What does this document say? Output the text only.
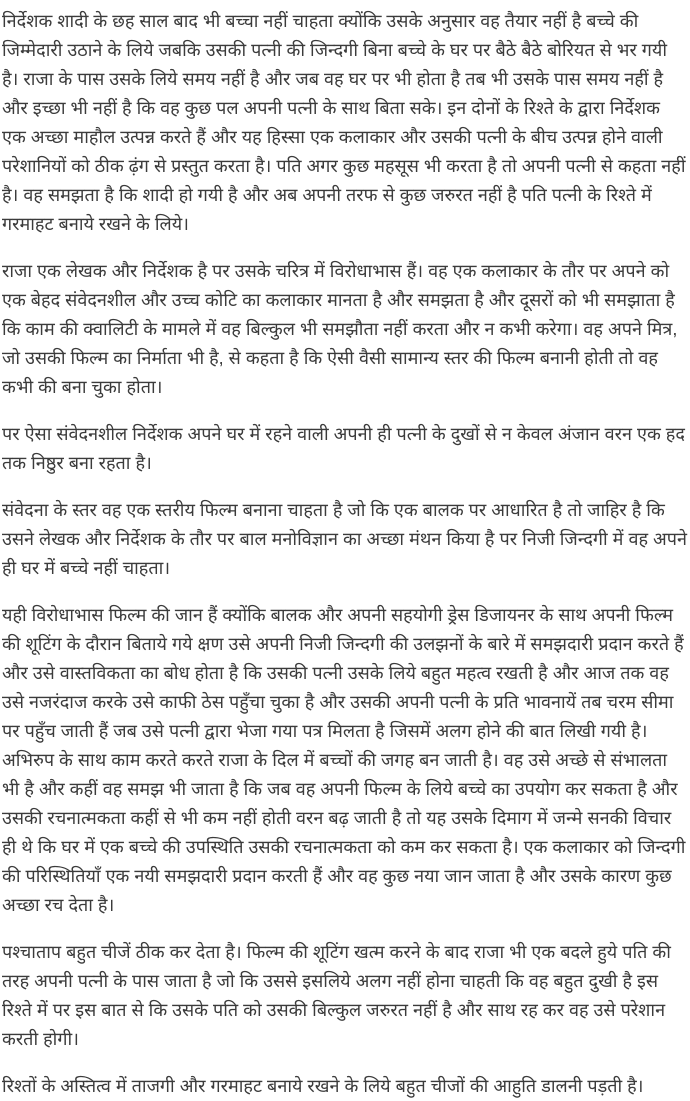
निर्देशक शादी के छह साल बाद भी बच्चा नहीं चाहता क्योंकि उसके अनुसार वह तैयार नहीं है बच्चे की जिम्मेदारी उठाने के लिये जबकि उसकी पत्नी की जिन्दगी बिना बच्चे के घर पर बैठे बैठे बोरियत से भर गयी है। राजा के पास उसके लिये समय नहीं है और जब वह घर पर भी होता है तब भी उसके पास समय नहीं है और इच्छा भी नहीं है कि वह कुछ पल अपनी पत्नी के साथ बिता सके। इन दोनों के रिश्ते के द्वारा निर्देशक एक अच्छा माहौल उत्पन्न करते हैं और यह हिस्सा एक कलाकार और उसकी पत्नी के बीच उत्पन्न होने वाली परेशानियों को ठीक ढ़ंग से प्रस्तुत करता है। पति अगर कुछ महसूस भी करता है तो अपनी पत्नी से कहता नहीं है। वह समझता है कि शादी हो गयी है और अब अपनी तरफ से कुछ जरुरत नहीं है पति पत्नी के रिश्ते में गरमाहट बनाये रखने के लिये।

राजा एक लेखक और निर्देशक है पर उसके चरित्र में विरोधाभास हैं। वह एक कलाकार के तौर पर अपने को एक बेहद संवेदनशील और उच्च कोटि का कलाकार मानता है और समझता है और दूसरों को भी समझाता है कि काम की क्वालिटी के मामले में वह बिल्कुल भी समझौता नहीं करता और न कभी करेगा। वह अपने मित्र, जो उसकी फिल्म का निर्माता भी है, से कहता है कि ऐसी वैसी सामान्य स्तर की फिल्म बनानी होती तो वह कभी की बना चुका होता।

पर ऐसा संवेदनशील निर्देशक अपने घर में रहने वाली अपनी ही पत्नी के दुखों से न केवल अंजान वरन एक हद तक निष्ठुर बना रहता है।

संवेदना के स्तर वह एक स्तरीय फिल्म बनाना चाहता है जो कि एक बालक पर आधारित है तो जाहिर है कि उसने लेखक और निर्देशक के तौर पर बाल मनोविज्ञान का अच्छा मंथन किया है पर निजी जिन्दगी में वह अपने ही घर में बच्चे नहीं चाहता।

यही विरोधाभास फिल्म की जान हैं क्योंकि बालक और अपनी सहयोगी ड्रेस डिजायनर के साथ अपनी फिल्म की शूटिंग के दौरान बिताये गये क्षण उसे अपनी निजी जिन्दगी की उलझनों के बारे में समझदारी प्रदान करते हैं और उसे वास्तविकता का बोध होता है कि उसकी पत्नी उसके लिये बहुत महत्व रखती है और आज तक वह उसे नजरंदाज करके उसे काफी ठेस पहुँचा चुका है और उसकी अपनी पत्नी के प्रति भावनायें तब चरम सीमा पर पहुँच जाती हैं जब उसे पत्नी द्वारा भेजा गया पत्र मिलता है जिसमें अलग होने की बात लिखी गयी है। अभिरुप के साथ काम करते करते राजा के दिल में बच्चों की जगह बन जाती है। वह उसे अच्छे से संभालता भी है और कहीं वह समझ भी जाता है कि जब वह अपनी फिल्म के लिये बच्चे का उपयोग कर सकता है और उसकी रचनात्मकता कहीं से भी कम नहीं होती वरन बढ़ जाती है तो यह उसके दिमाग में जन्मे सनकी विचार ही थे कि घर में एक बच्चे की उपस्थिति उसकी रचनात्मकता को कम कर सकता है। एक कलाकार को जिन्दगी की परिस्थितियाँ एक नयी समझदारी प्रदान करती हैं और वह कुछ नया जान जाता है और उसके कारण कुछ अच्छा रच देता है।

पश्चाताप बहुत चीजें ठीक कर देता है। फिल्म की शूटिंग खत्म करने के बाद राजा भी एक बदले हुये पति की तरह अपनी पत्नी के पास जाता है जो कि उससे इसलिये अलग नहीं होना चाहती कि वह बहुत दुखी है इस रिश्ते में पर इस बात से कि उसके पति को उसकी बिल्कुल जरुरत नहीं है और साथ रह कर वह उसे परेशान करती होगी।

रिश्तों के अस्तित्व में ताजगी और गरमाहट बनाये रखने के लिये बहुत चीजों की आहुति डालनी पड़ती है।
